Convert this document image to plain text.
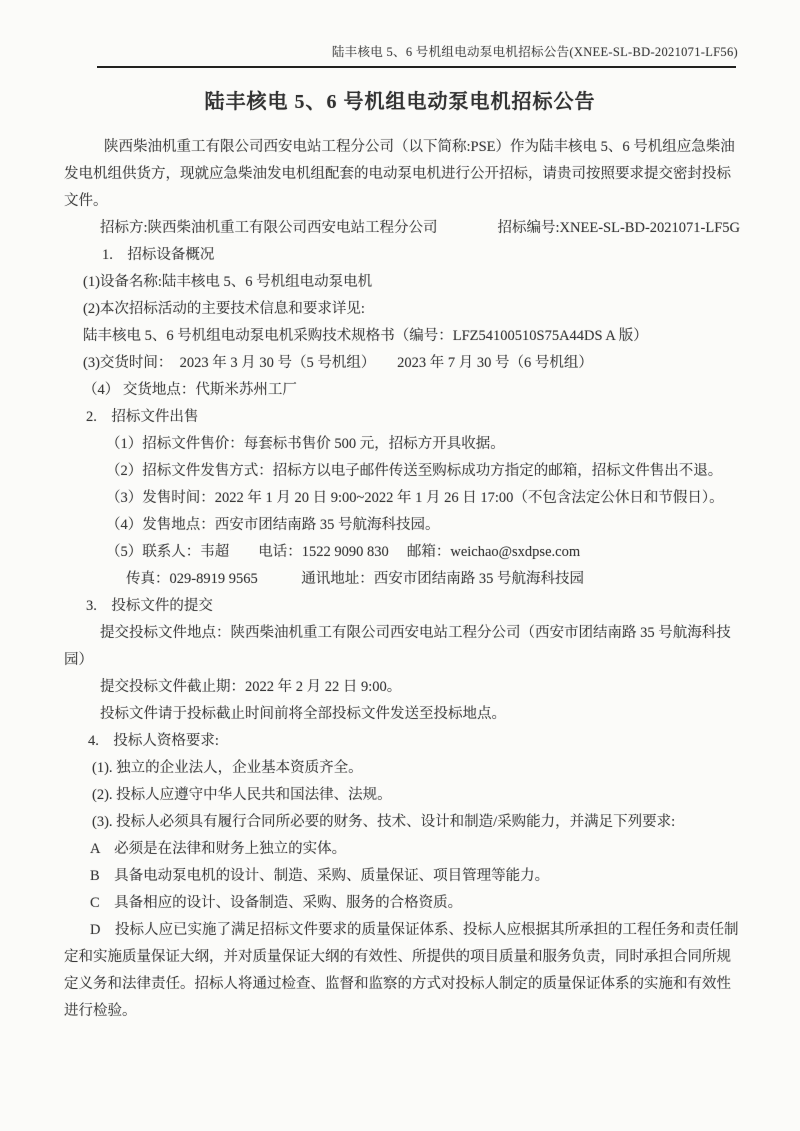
陆丰核电 5、6 号机组电动泵电机招标公告(XNEE-SL-BD-2021071-LF56)
陆丰核电 5、6 号机组电动泵电机招标公告

陕西柴油机重工有限公司西安电站工程分公司（以下简称:PSE）作为陆丰核电 5、6 号机组应急柴油发电机组供货方，现就应急柴油发电机组配套的电动泵电机进行公开招标，请贵司按照要求提交密封投标文件。

招标方:陕西柴油机重工有限公司西安电站工程分公司	招标编号:XNEE-SL-BD-2021071-LF5G

1.　招标设备概况

(1)设备名称:陆丰核电 5、6 号机组电动泵电机

(2)本次招标活动的主要技术信息和要求详见:

陆丰核电 5、6 号机组电动泵电机采购技术规格书（编号：LFZ54100510S75A44DS A 版）

(3)交货时间：　2023 年 3 月 30 号（5 号机组）　　2023 年 7 月 30 号（6 号机组）

（4） 交货地点：代斯米苏州工厂

2.　招标文件出售

（1）招标文件售价：每套标书售价 500 元，招标方开具收据。

（2）招标文件发售方式：招标方以电子邮件传送至购标成功方指定的邮箱，招标文件售出不退。

（3）发售时间：2022 年 1 月 20 日 9:00~2022 年 1 月 26 日 17:00（不包含法定公休日和节假日）。

（4）发售地点：西安市团结南路 35 号航海科技园。

（5）联系人：韦超　　电话：1522 9090 830　 邮箱：weichao@sxdpse.com

传真：029-8919 9565　　　通讯地址：西安市团结南路 35 号航海科技园

3.　投标文件的提交

提交投标文件地点：陕西柴油机重工有限公司西安电站工程分公司（西安市团结南路 35 号航海科技园）

提交投标文件截止期：2022 年 2 月 22 日 9:00。

投标文件请于投标截止时间前将全部投标文件发送至投标地点。

4.　投标人资格要求:

(1). 独立的企业法人，企业基本资质齐全。

(2). 投标人应遵守中华人民共和国法律、法规。

(3). 投标人必须具有履行合同所必要的财务、技术、设计和制造/采购能力，并满足下列要求:

A　必须是在法律和财务上独立的实体。

B　具备电动泵电机的设计、制造、采购、质量保证、项目管理等能力。

C　具备相应的设计、设备制造、采购、服务的合格资质。

D　投标人应已实施了满足招标文件要求的质量保证体系、投标人应根据其所承担的工程任务和责任制定和实施质量保证大纲，并对质量保证大纲的有效性、所提供的项目质量和服务负责，同时承担合同所规定义务和法律责任。招标人将通过检查、监督和监察的方式对投标人制定的质量保证体系的实施和有效性进行检验。
